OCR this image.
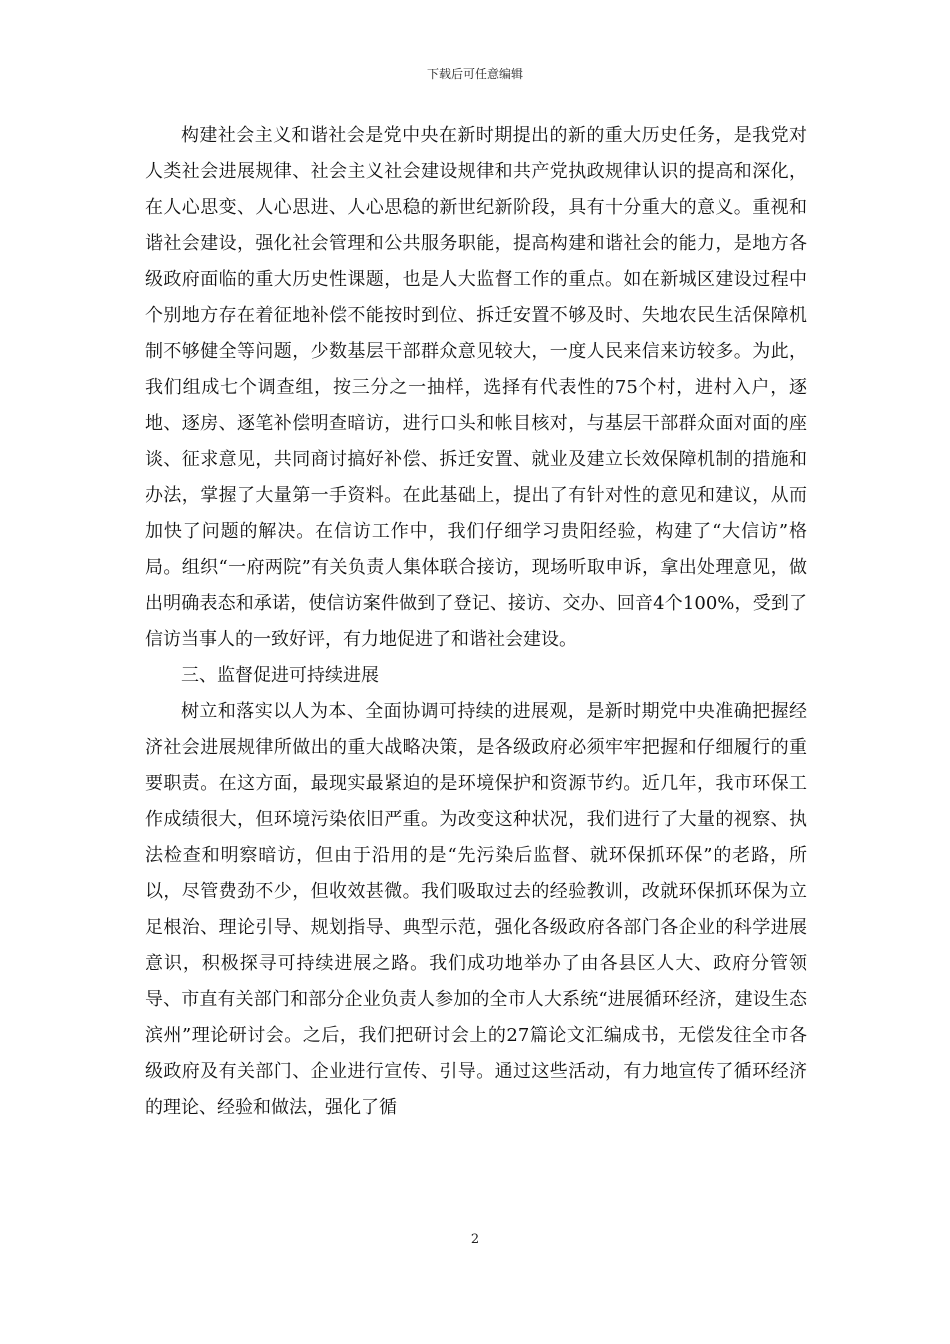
下载后可任意编辑

构建社会主义和谐社会是党中央在新时期提出的新的重大历史任务，是我党对人类社会进展规律、社会主义社会建设规律和共产党执政规律认识的提高和深化，在人心思变、人心思进、人心思稳的新世纪新阶段，具有十分重大的意义。重视和谐社会建设，强化社会管理和公共服务职能，提高构建和谐社会的能力，是地方各级政府面临的重大历史性课题，也是人大监督工作的重点。如在新城区建设过程中个别地方存在着征地补偿不能按时到位、拆迁安置不够及时、失地农民生活保障机制不够健全等问题，少数基层干部群众意见较大，一度人民来信来访较多。为此，我们组成七个调查组，按三分之一抽样，选择有代表性的75个村，进村入户，逐地、逐房、逐笔补偿明查暗访，进行口头和帐目核对，与基层干部群众面对面的座谈、征求意见，共同商讨搞好补偿、拆迁安置、就业及建立长效保障机制的措施和办法，掌握了大量第一手资料。在此基础上，提出了有针对性的意见和建议，从而加快了问题的解决。在信访工作中，我们仔细学习贵阳经验，构建了“大信访”格局。组织“一府两院”有关负责人集体联合接访，现场听取申诉，拿出处理意见，做出明确表态和承诺，使信访案件做到了登记、接访、交办、回音4个100%，受到了信访当事人的一致好评，有力地促进了和谐社会建设。

三、监督促进可持续进展

树立和落实以人为本、全面协调可持续的进展观，是新时期党中央准确把握经济社会进展规律所做出的重大战略决策，是各级政府必须牢牢把握和仔细履行的重要职责。在这方面，最现实最紧迫的是环境保护和资源节约。近几年，我市环保工作成绩很大，但环境污染依旧严重。为改变这种状况，我们进行了大量的视察、执法检查和明察暗访，但由于沿用的是“先污染后监督、就环保抓环保”的老路，所以，尽管费劲不少，但收效甚微。我们吸取过去的经验教训，改就环保抓环保为立足根治、理论引导、规划指导、典型示范，强化各级政府各部门各企业的科学进展意识，积极探寻可持续进展之路。我们成功地举办了由各县区人大、政府分管领导、市直有关部门和部分企业负责人参加的全市人大系统“进展循环经济，建设生态滨州”理论研讨会。之后，我们把研讨会上的27篇论文汇编成书，无偿发往全市各级政府及有关部门、企业进行宣传、引导。通过这些活动，有力地宣传了循环经济的理论、经验和做法，强化了循

2
